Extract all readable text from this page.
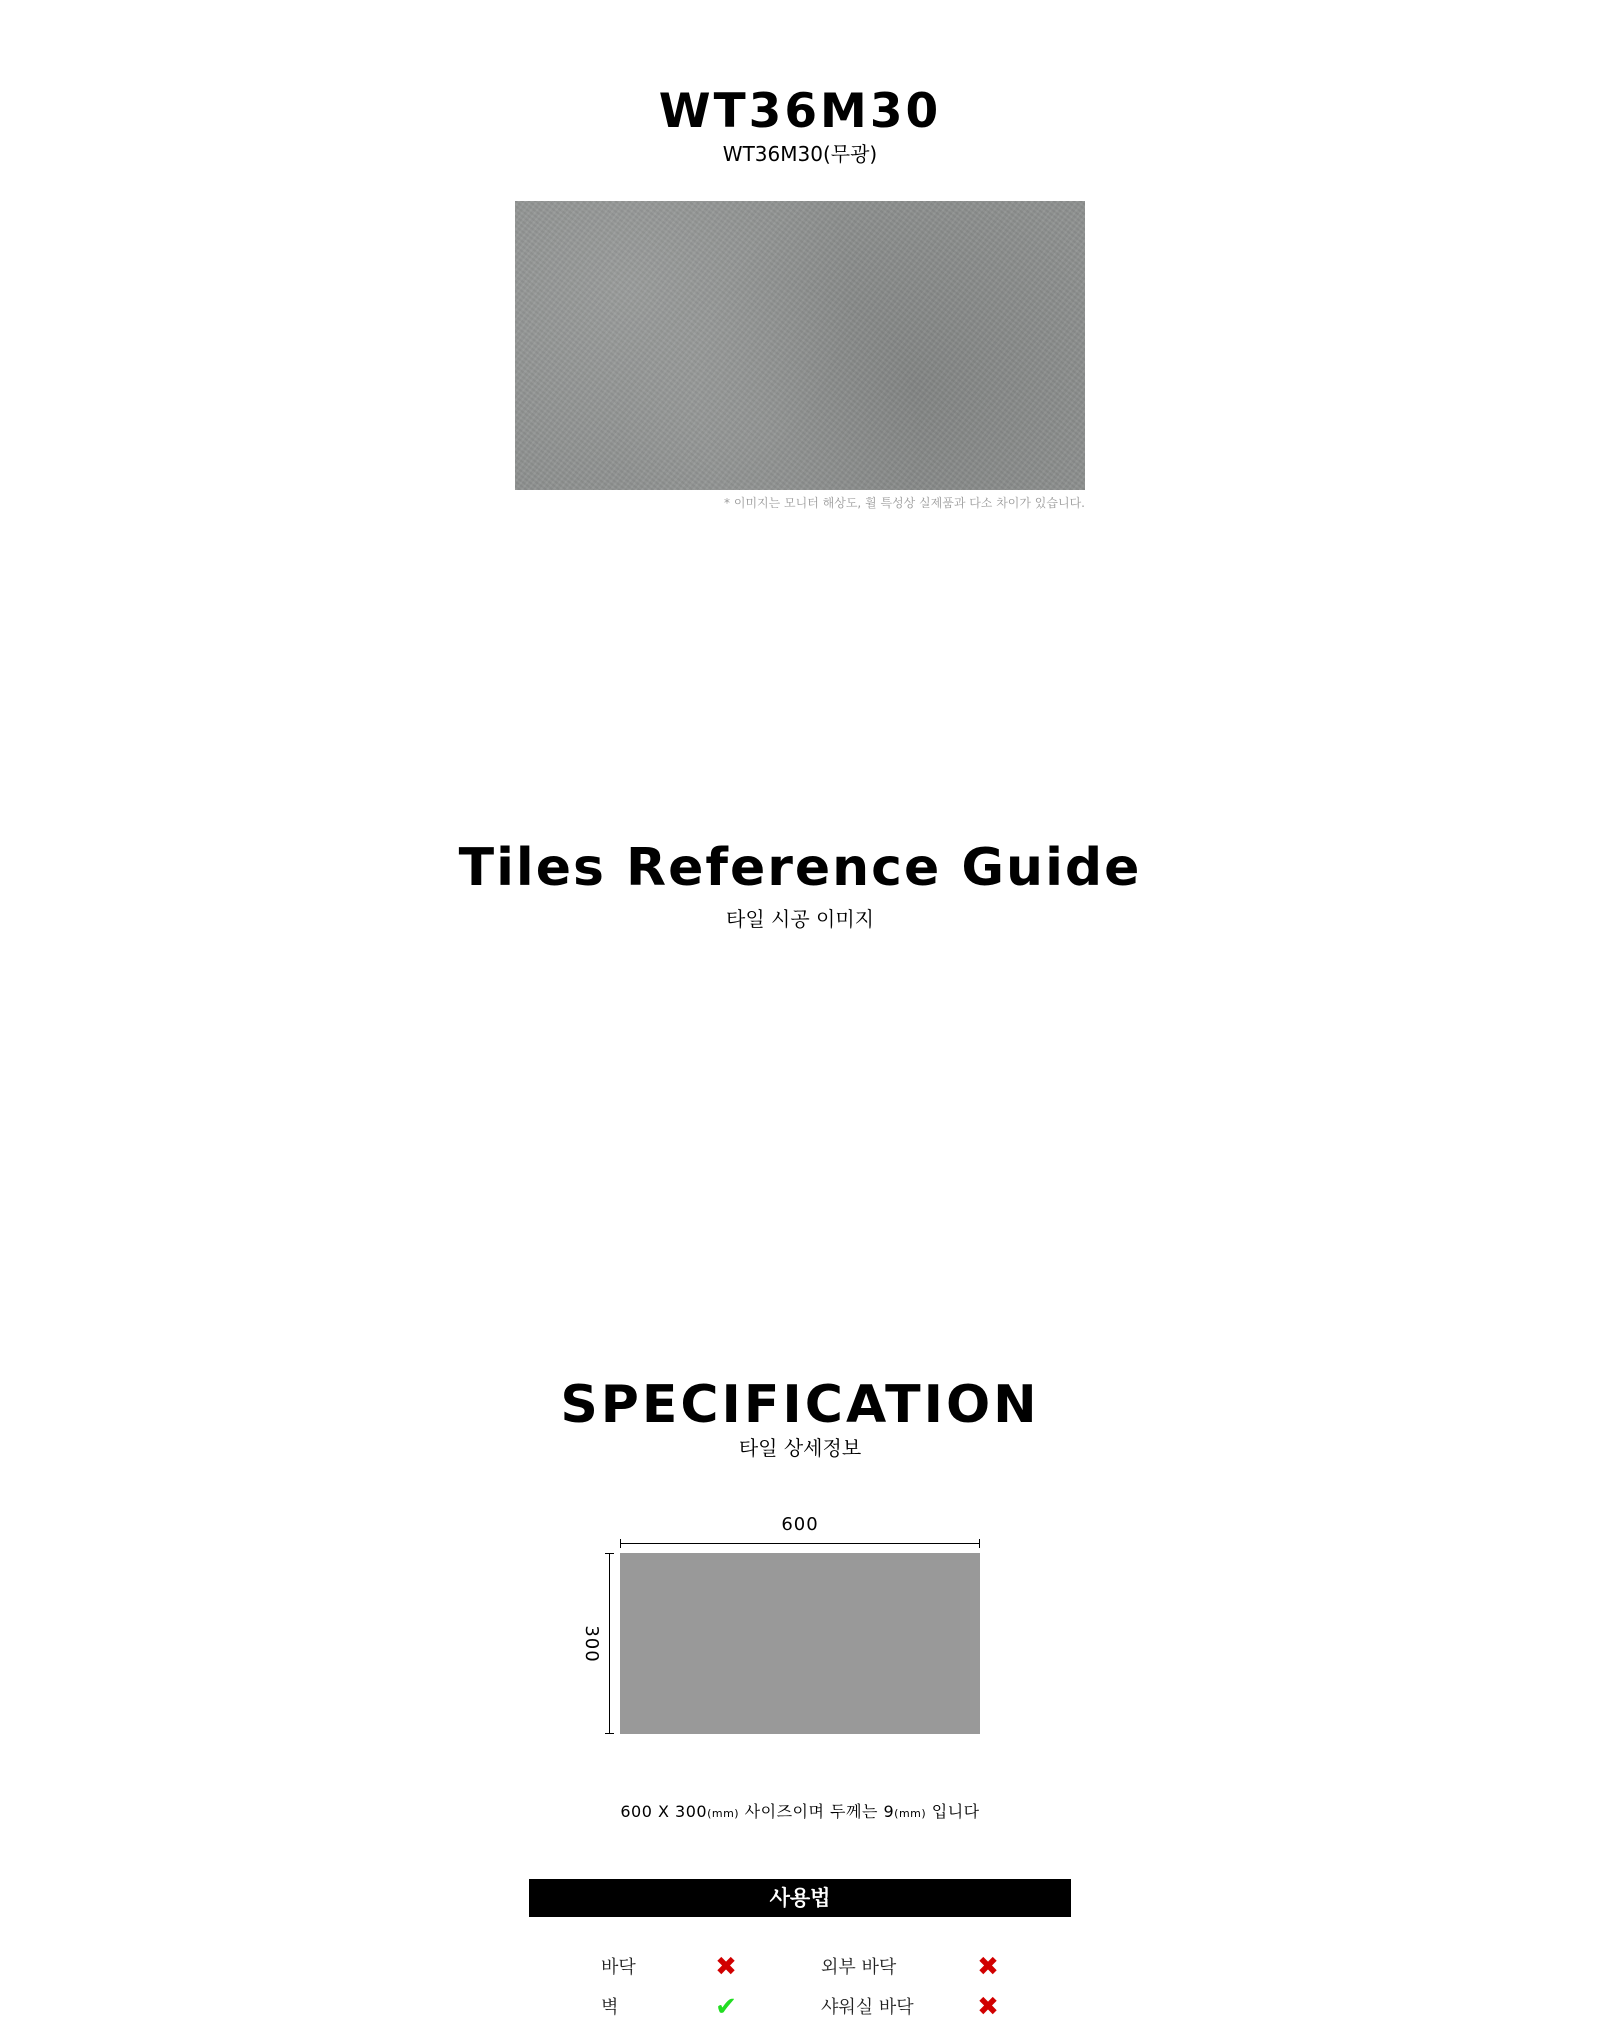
WT36M30
WT36M30(무광)
* 이미지는 모니터 해상도, 휠 특성상 실제품과 다소 차이가 있습니다.
Tiles Reference Guide
타일 시공 이미지
SPECIFICATION
타일 상세정보
600
300
600 X 300(mm) 사이즈이며 두께는 9(mm) 입니다
사용법
바닥	✖	외부 바닥	✖
벽	✔	샤워실 바닥 ✖
